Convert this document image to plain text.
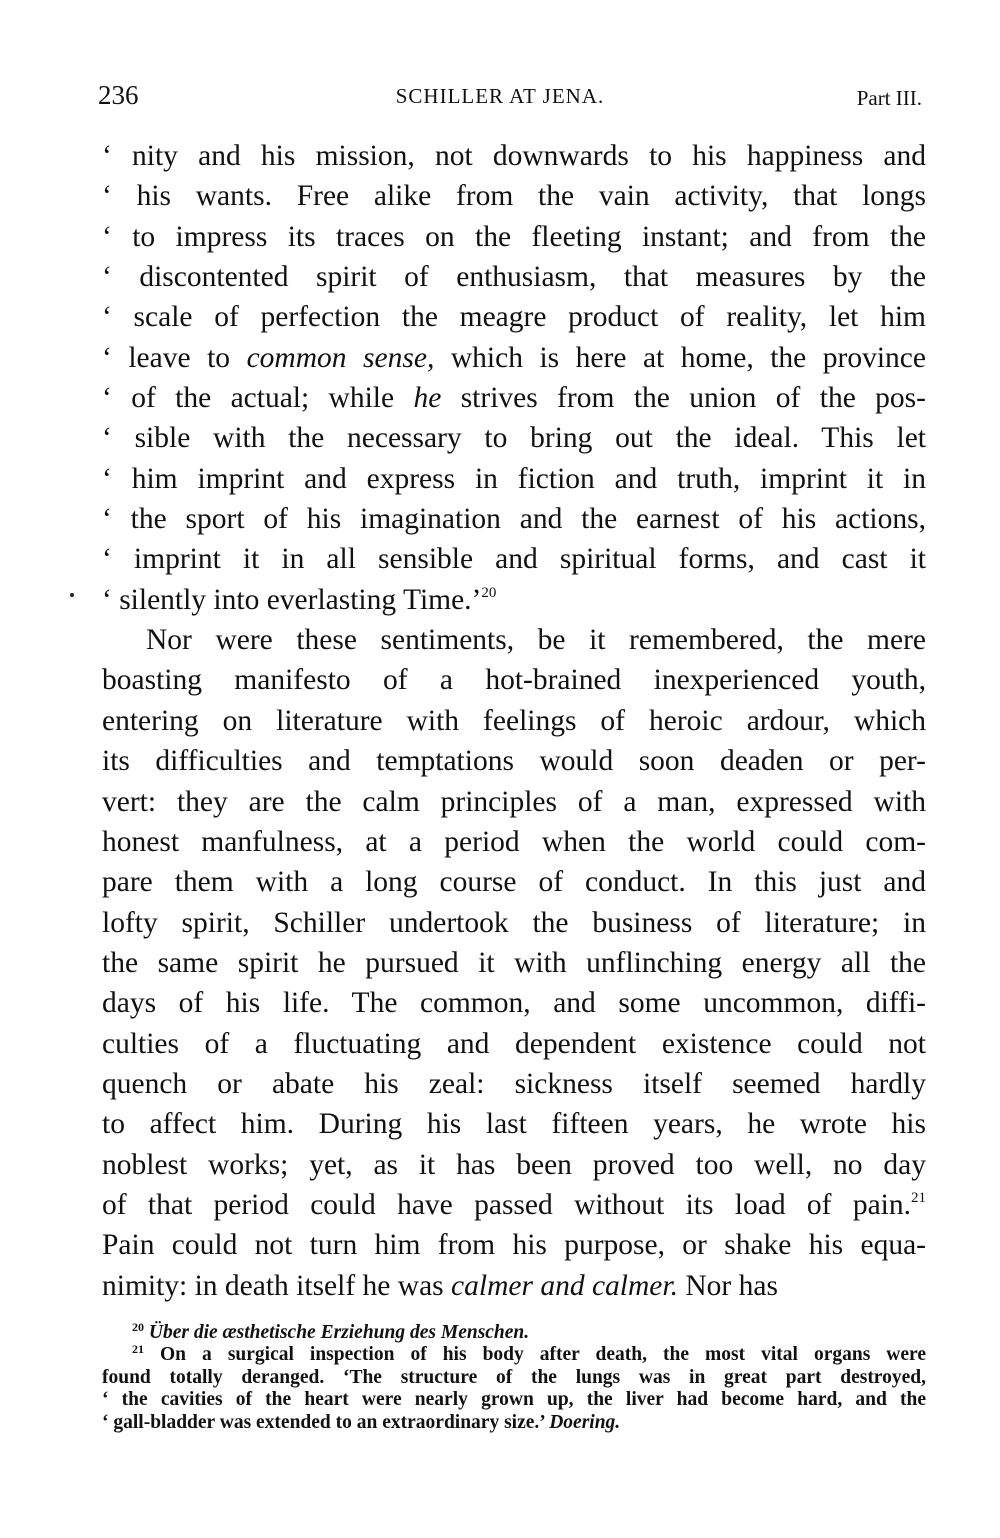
236	SCHILLER AT JENA.	Part III.
‘ nity and his mission, not downwards to his happiness and
‘ his wants. Free alike from the vain activity, that longs
‘ to impress its traces on the fleeting instant; and from the
‘ discontented spirit of enthusiasm, that measures by the
‘ scale of perfection the meagre product of reality, let him
‘ leave to common sense, which is here at home, the province
‘ of the actual; while he strives from the union of the pos-
‘ sible with the necessary to bring out the ideal. This let
‘ him imprint and express in fiction and truth, imprint it in
‘ the sport of his imagination and the earnest of his actions,
‘ imprint it in all sensible and spiritual forms, and cast it
‘ silently into everlasting Time.’$^{20}$
Nor were these sentiments, be it remembered, the mere
boasting manifesto of a hot-brained inexperienced youth,
entering on literature with feelings of heroic ardour, which
its difficulties and temptations would soon deaden or per-
vert: they are the calm principles of a man, expressed with
honest manfulness, at a period when the world could com-
pare them with a long course of conduct. In this just and
lofty spirit, Schiller undertook the business of literature; in
the same spirit he pursued it with unflinching energy all the
days of his life. The common, and some uncommon, diffi-
culties of a fluctuating and dependent existence could not
quench or abate his zeal: sickness itself seemed hardly
to affect him. During his last fifteen years, he wrote his
noblest works; yet, as it has been proved too well, no day
of that period could have passed without its load of pain.$^{21}$
Pain could not turn him from his purpose, or shake his equa-
nimity: in death itself he was calmer and calmer. Nor has
$^{20}$ Über die æsthetische Erziehung des Menschen.
$^{21}$ On a surgical inspection of his body after death, the most vital organs were
found totally deranged. ‘The structure of the lungs was in great part destroyed,
‘ the cavities of the heart were nearly grown up, the liver had become hard, and the
‘ gall-bladder was extended to an extraordinary size.’ Doering.
